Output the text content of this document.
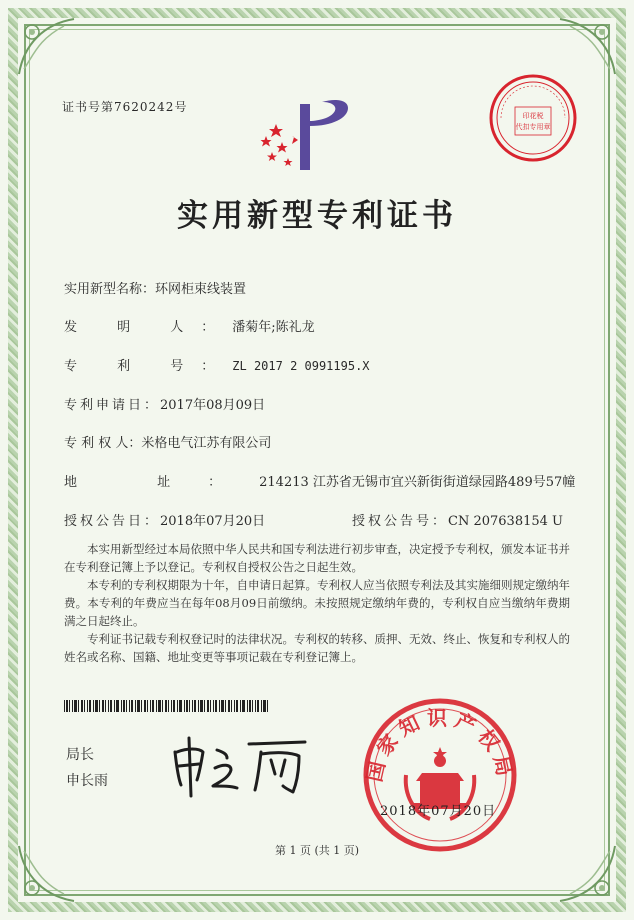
证书号第7620242号
印花税
代扣专用章
实用新型专利证书
实用新型名称：环网柜束线装置
发 明 人：潘菊年;陈礼龙
专 利 号：ZL 2017 2 0991195.X
专利申请日：2017年08月09日
专 利 权 人：米格电气江苏有限公司
地 址：214213 江苏省无锡市宜兴新街街道绿园路489号57幢
授权公告日：2018年07月20日	授权公告号：CN 207638154 U
本实用新型经过本局依照中华人民共和国专利法进行初步审查，决定授予专利权，颁发本证书并在专利登记簿上予以登记。专利权自授权公告之日起生效。
本专利的专利权期限为十年，自申请日起算。专利权人应当依照专利法及其实施细则规定缴纳年费。本专利的年费应当在每年08月09日前缴纳。未按照规定缴纳年费的，专利权自应当缴纳年费期满之日起终止。
专利证书记载专利权登记时的法律状况。专利权的转移、质押、无效、终止、恢复和专利权人的姓名或名称、国籍、地址变更等事项记载在专利登记簿上。
局长
申长雨	国家知识产权局
2018年07月20日
第 1 页 (共 1 页)
